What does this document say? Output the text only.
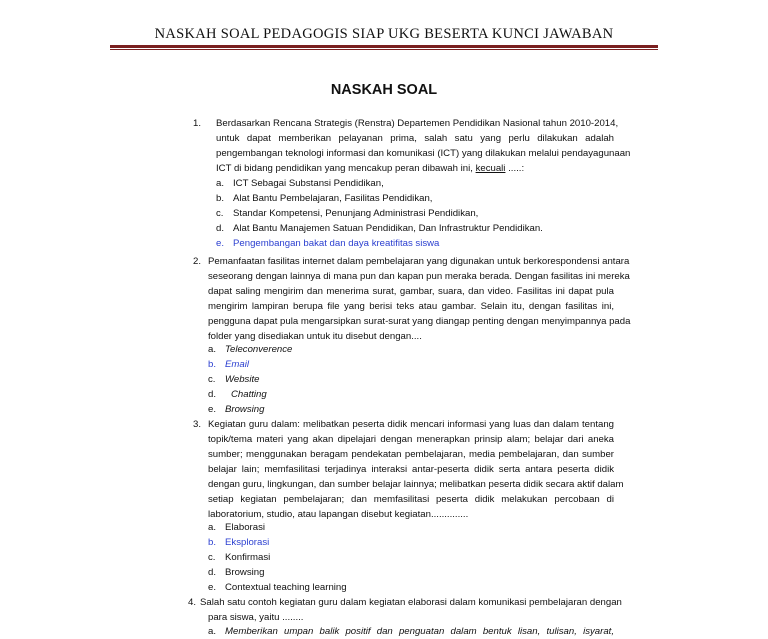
NASKAH SOAL PEDAGOGIS SIAP UKG BESERTA KUNCI JAWABAN
NASKAH SOAL
1. Berdasarkan Rencana Strategis (Renstra) Departemen Pendidikan Nasional tahun 2010-2014,
untuk dapat memberikan pelayanan prima, salah satu yang perlu dilakukan adalah
pengembangan teknologi informasi dan komunikasi (ICT) yang dilakukan melalui pendayagunaan
ICT di bidang pendidikan yang mencakup peran dibawah ini, kecuali .....:
a. ICT Sebagai Substansi Pendidikan,
b. Alat Bantu Pembelajaran, Fasilitas Pendidikan,
c. Standar Kompetensi, Penunjang Administrasi Pendidikan,
d. Alat Bantu Manajemen Satuan Pendidikan, Dan Infrastruktur Pendidikan.
e. Pengembangan bakat dan daya kreatifitas siswa
2. Pemanfaatan fasilitas internet dalam pembelajaran yang digunakan untuk berkorespondensi antara
seseorang dengan lainnya di mana pun dan kapan pun meraka berada. Dengan fasilitas ini mereka
dapat saling mengirim dan menerima surat, gambar, suara, dan video. Fasilitas ini dapat pula
mengirim lampiran berupa file yang berisi teks atau gambar. Selain itu, dengan fasilitas ini,
pengguna dapat pula mengarsipkan surat-surat yang diangap penting dengan menyimpannya pada
folder yang disediakan untuk itu disebut dengan....
a. Teleconverence
b. Email
c. Website
d. Chatting
e. Browsing
3. Kegiatan guru dalam: melibatkan peserta didik mencari informasi yang luas dan dalam tentang
topik/tema materi yang akan dipelajari dengan menerapkan prinsip alam; belajar dari aneka
sumber; menggunakan beragam pendekatan pembelajaran, media pembelajaran, dan sumber
belajar lain; memfasilitasi terjadinya interaksi antar-peserta didik serta antara peserta didik
dengan guru, lingkungan, dan sumber belajar lainnya; melibatkan peserta didik secara aktif dalam
setiap kegiatan pembelajaran; dan memfasilitasi peserta didik melakukan percobaan di
laboratorium, studio, atau lapangan disebut kegiatan..............
a. Elaborasi
b. Eksplorasi
c. Konfirmasi
d. Browsing
e. Contextual teaching learning
4. Salah satu contoh kegiatan guru dalam kegiatan elaborasi dalam komunikasi pembelajaran dengan
para siswa, yaitu ........
a. Memberikan umpan balik positif dan penguatan dalam bentuk lisan, tulisan, isyarat,
